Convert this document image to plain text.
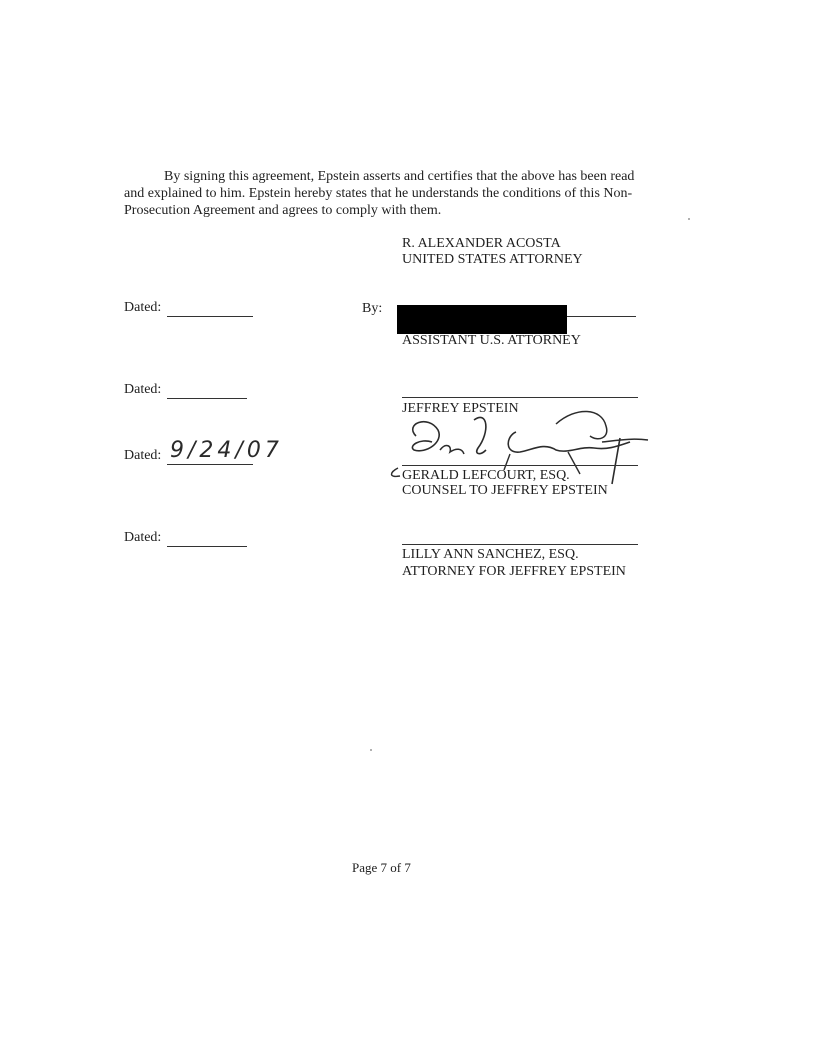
By signing this agreement, Epstein asserts and certifies that the above has been read
and explained to him. Epstein hereby states that he understands the conditions of this Non-
Prosecution Agreement and agrees to comply with them.
R. ALEXANDER ACOSTA
UNITED STATES ATTORNEY
Dated:	By:
ASSISTANT U.S. ATTORNEY
Dated:
JEFFREY EPSTEIN
Dated: 9/24/07
GERALD LEFCOURT, ESQ.
COUNSEL TO JEFFREY EPSTEIN
Dated:
LILLY ANN SANCHEZ, ESQ.
ATTORNEY FOR JEFFREY EPSTEIN
Page 7 of 7
